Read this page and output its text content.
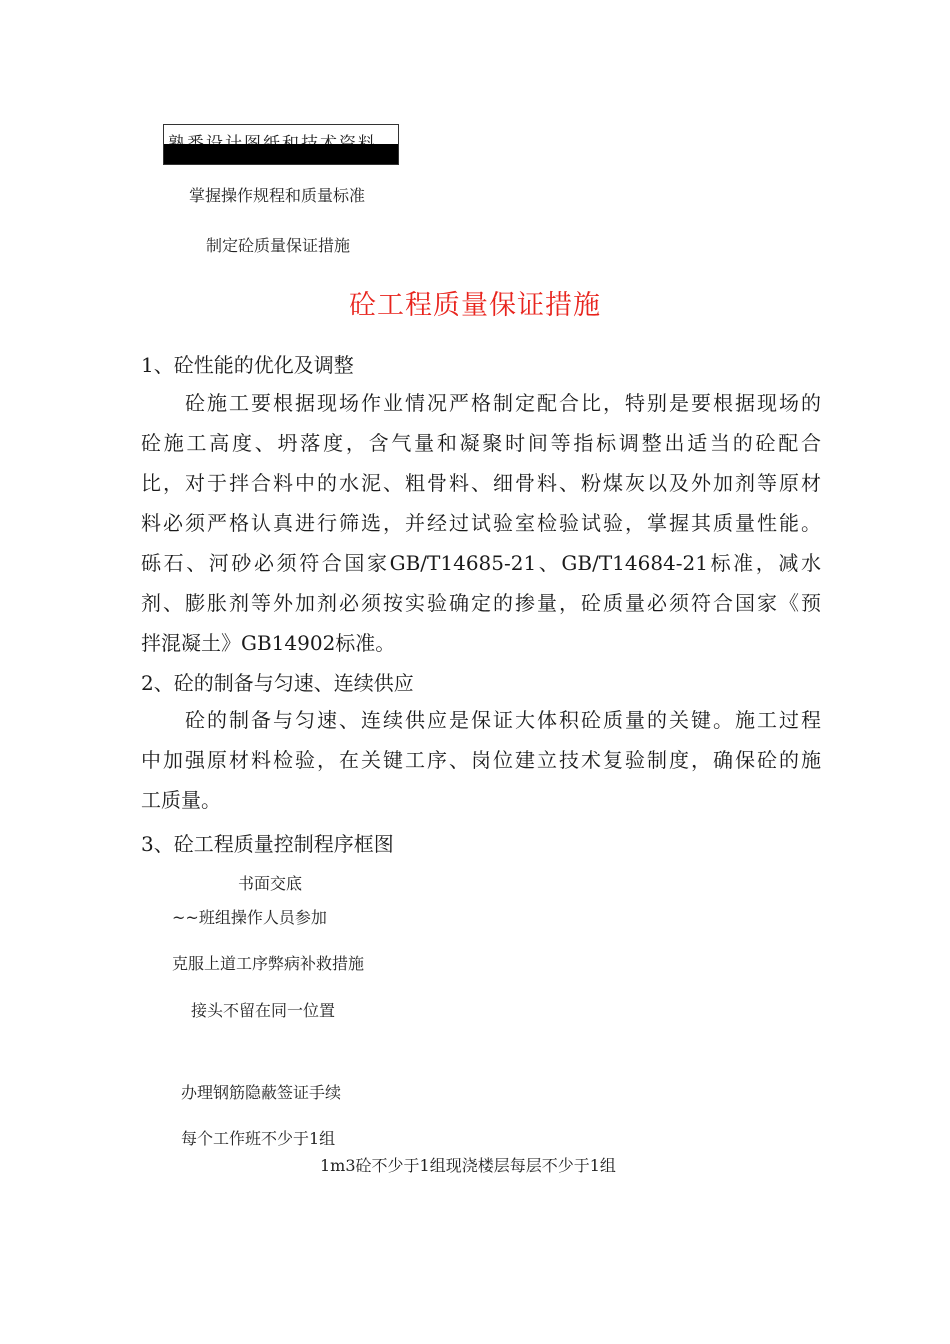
掌握操作规程和质量标准
制定砼质量保证措施
砼工程质量保证措施
1、砼性能的优化及调整
砼施工要根据现场作业情况严格制定配合比，特别是要根据现场的
砼施工高度、坍落度，含气量和凝聚时间等指标调整出适当的砼配合
比，对于拌合料中的水泥、粗骨料、细骨料、粉煤灰以及外加剂等原材
料必须严格认真进行筛选，并经过试验室检验试验，掌握其质量性能。
砾石、河砂必须符合国家GB/T14685-21、GB/T14684-21标准，减水
剂、膨胀剂等外加剂必须按实验确定的掺量，砼质量必须符合国家《预
拌混凝土》GB14902标准。
2、砼的制备与匀速、连续供应
砼的制备与匀速、连续供应是保证大体积砼质量的关键。施工过程
中加强原材料检验，在关键工序、岗位建立技术复验制度，确保砼的施
工质量。
3、砼工程质量控制程序框图
书面交底
~~班组操作人员参加
克服上道工序弊病补救措施
接头不留在同一位置
办理钢筋隐蔽签证手续
每个工作班不少于1组
1m3砼不少于1组现浇楼层每层不少于1组
